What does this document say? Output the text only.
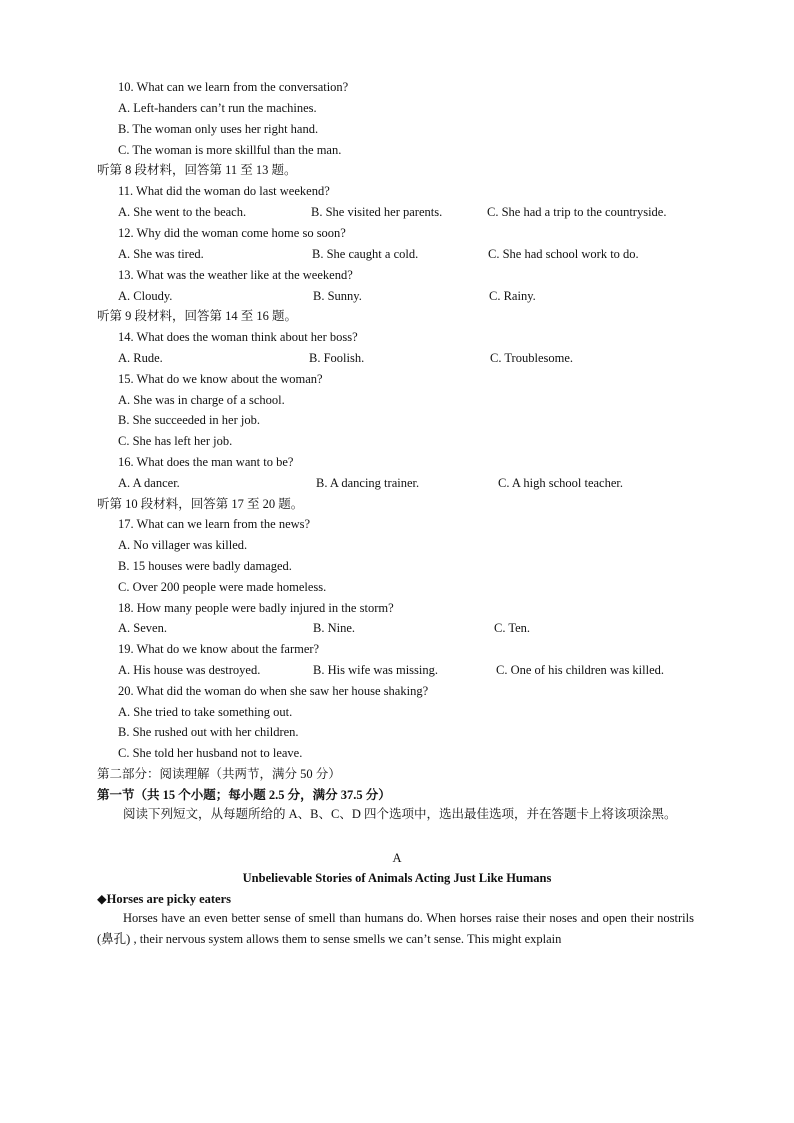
10. What can we learn from the conversation?
A. Left-handers can’t run the machines.
B. The woman only uses her right hand.
C. The woman is more skillful than the man.
听第 8 段材料，回答第 11 至 13 题。
11. What did the woman do last weekend?
A. She went to the beach.	B. She visited her parents.	C. She had a trip to the countryside.
12. Why did the woman come home so soon?
A. She was tired.	B. She caught a cold.	C. She had school work to do.
13. What was the weather like at the weekend?
A. Cloudy.	B. Sunny.	C. Rainy.
听第 9 段材料，回答第 14 至 16 题。
14. What does the woman think about her boss?
A. Rude.	B. Foolish.	C. Troublesome.
15. What do we know about the woman?
A. She was in charge of a school.
B. She succeeded in her job.
C. She has left her job.
16. What does the man want to be?
A. A dancer.	B. A dancing trainer.	C. A high school teacher.
听第 10 段材料，回答第 17 至 20 题。
17. What can we learn from the news?
A. No villager was killed.
B. 15 houses were badly damaged.
C. Over 200 people were made homeless.
18. How many people were badly injured in the storm?
A. Seven.	B. Nine.	C. Ten.
19. What do we know about the farmer?
A. His house was destroyed.	B. His wife was missing.	C. One of his children was killed.
20. What did the woman do when she saw her house shaking?
A. She tried to take something out.
B. She rushed out with her children.
C. She told her husband not to leave.
第二部分：阅读理解（共两节，满分 50 分）
第一节（共 15 个小题；每小题 2.5 分，满分 37.5 分）
阅读下列短文，从每题所给的 A、B、C、D 四个选项中，选出最佳选项，并在答题卡上将该项涂黑。
A
Unbelievable Stories of Animals Acting Just Like Humans
◆Horses are picky eaters
Horses have an even better sense of smell than humans do. When horses raise their noses and open their nostrils (鼻孔) , their nervous system allows them to sense smells we can’t sense. This might explain
